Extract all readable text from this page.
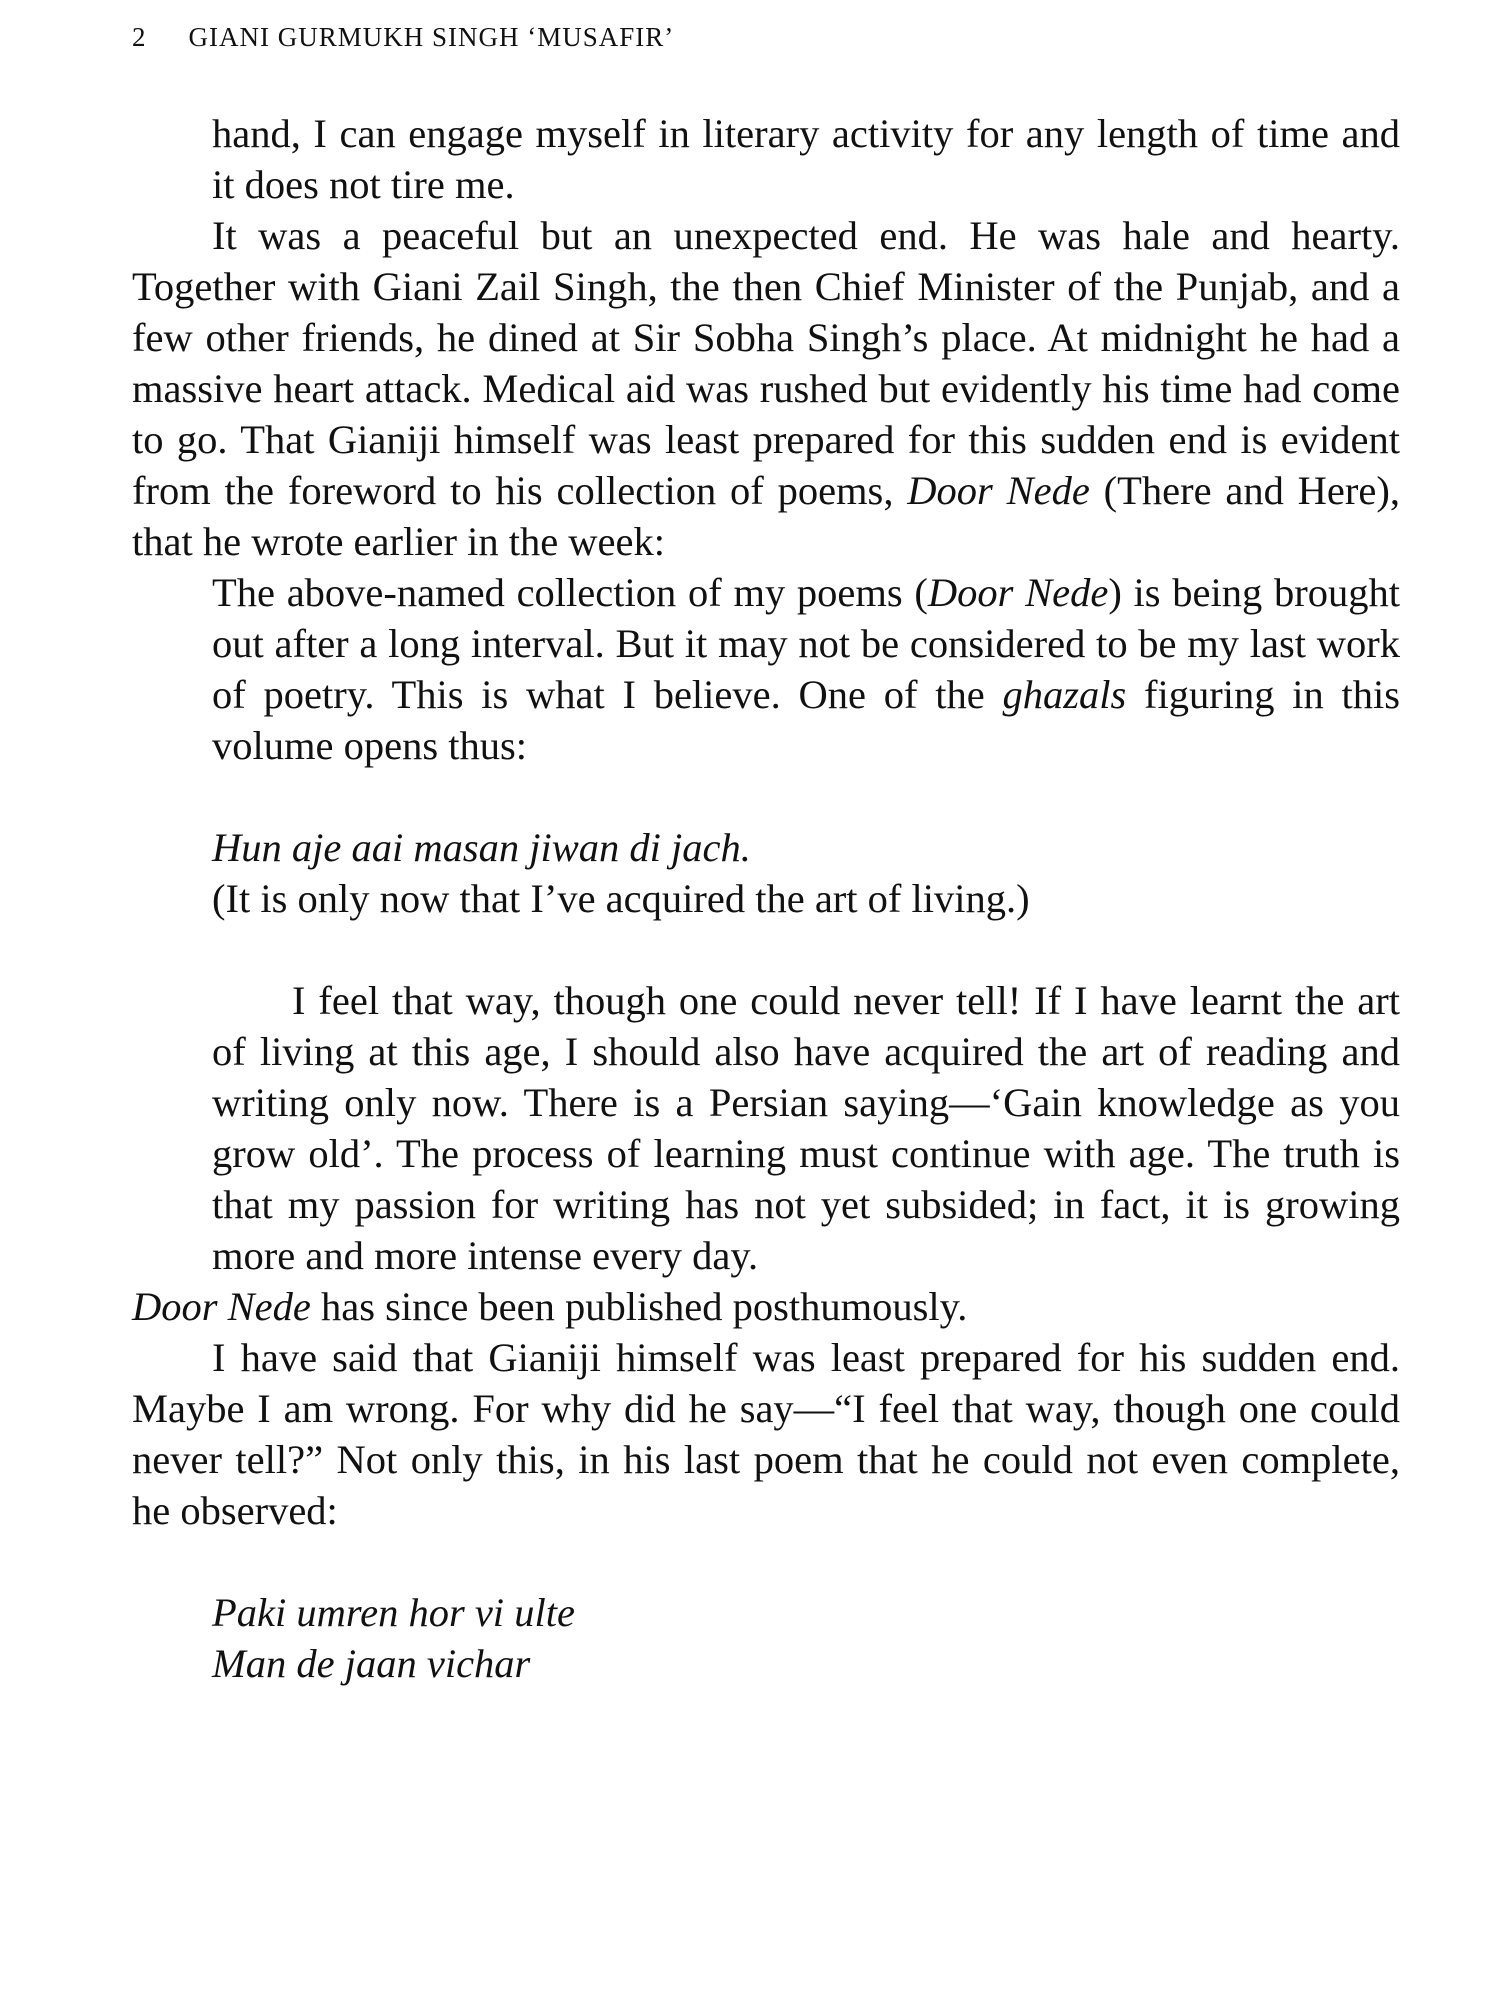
2 GIANI GURMUKH SINGH ‘MUSAFIR’

hand, I can engage myself in literary activity for any length of time and it does not tire me.

It was a peaceful but an unexpected end. He was hale and hearty. Together with Giani Zail Singh, the then Chief Minister of the Punjab, and a few other friends, he dined at Sir Sobha Singh’s place. At midnight he had a massive heart attack. Medical aid was rushed but evidently his time had come to go. That Gianiji himself was least prepared for this sudden end is evident from the foreword to his collection of poems, Door Nede (There and Here), that he wrote earlier in the week:

The above-named collection of my poems (Door Nede) is being brought out after a long interval. But it may not be considered to be my last work of poetry. This is what I believe. One of the ghazals figuring in this volume opens thus:

Hun aje aai masan jiwan di jach.

(It is only now that I’ve acquired the art of living.)

I feel that way, though one could never tell! If I have learnt the art of living at this age, I should also have acquired the art of reading and writing only now. There is a Persian saying—‘Gain knowledge as you grow old’. The process of learning must continue with age. The truth is that my passion for writing has not yet subsided; in fact, it is growing more and more intense every day.

Door Nede has since been published posthumously.

I have said that Gianiji himself was least prepared for his sudden end. Maybe I am wrong. For why did he say—“I feel that way, though one could never tell?” Not only this, in his last poem that he could not even complete, he observed:

Paki umren hor vi ulte

Man de jaan vichar
